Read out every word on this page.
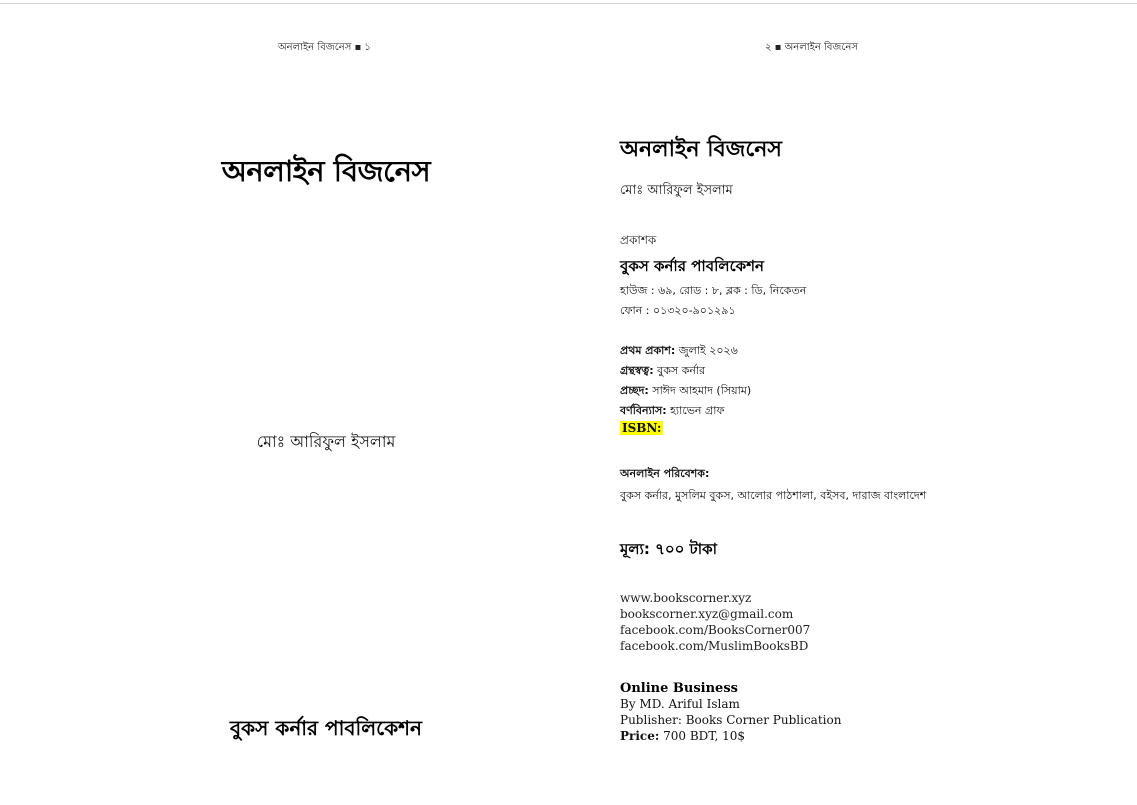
অনলাইন বিজনেস ▪ ১
অনলাইন বিজনেস
মোঃ আরিফুল ইসলাম
বুকস কর্নার পাবলিকেশন
২ ▪ অনলাইন বিজনেস
অনলাইন বিজনেস
মোঃ আরিফুল ইসলাম
প্রকাশক
বুকস কর্নার পাবলিকেশন
হাউজ : ৬৯, রোড : ৮, ব্লক : ডি, নিকেতন
ফোন : ০১৩২০-৯০১২৯১
প্রথম প্রকাশ: জুলাই ২০২৬
গ্রন্থস্বত্ব: বুকস কর্নার
প্রচ্ছদ: সাঈদ আহমাদ (সিয়াম)
বর্ণবিন্যাস: হ্যাভেন গ্রাফ
ISBN:
অনলাইন পরিবেশক:
বুকস কর্নার, মুসলিম বুকস, আলোর পাঠশালা, বইসব, দারাজ বাংলাদেশ
মূল্য: ৭০০ টাকা
www.bookscorner.xyz
bookscorner.xyz@gmail.com
facebook.com/BooksCorner007
facebook.com/MuslimBooksBD
Online Business
By MD. Ariful Islam
Publisher: Books Corner Publication
Price: 700 BDT, 10$
